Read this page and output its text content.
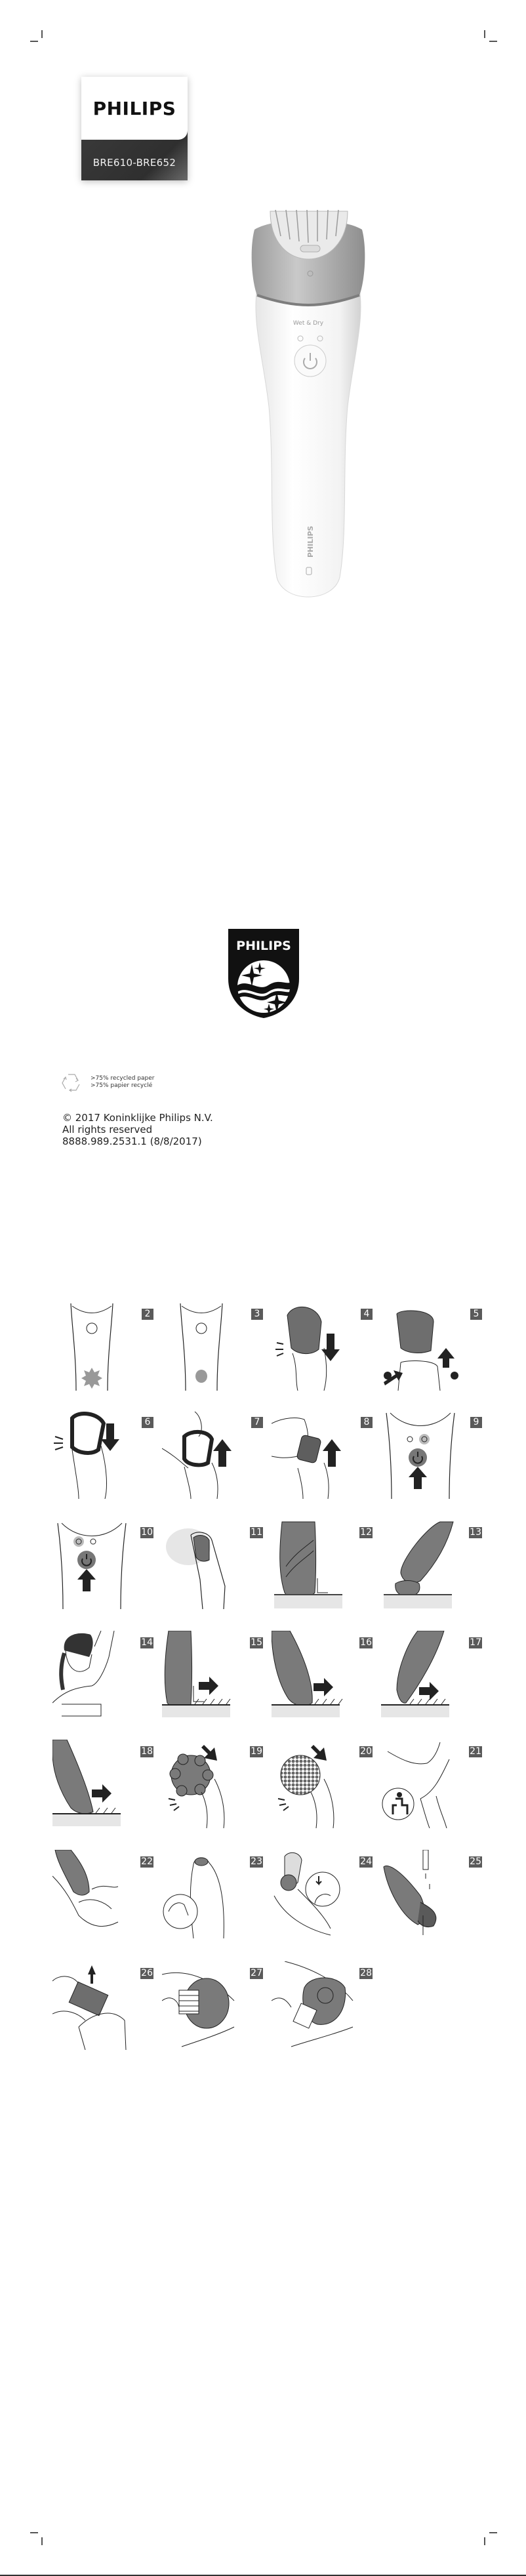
PHILIPS
BRE610-BRE652
Wet & Dry
PHILIPS
PHILIPS
>75% recycled paper
>75% papier recyclé
© 2017 Koninklijke Philips N.V.
All rights reserved
8888.989.2531.1 (8/8/2017)
2	3	4	5
6	7	8	9
10	11	12	13
14	15	16	17
18	19	20	21
22	23	24	25
26	27	28
